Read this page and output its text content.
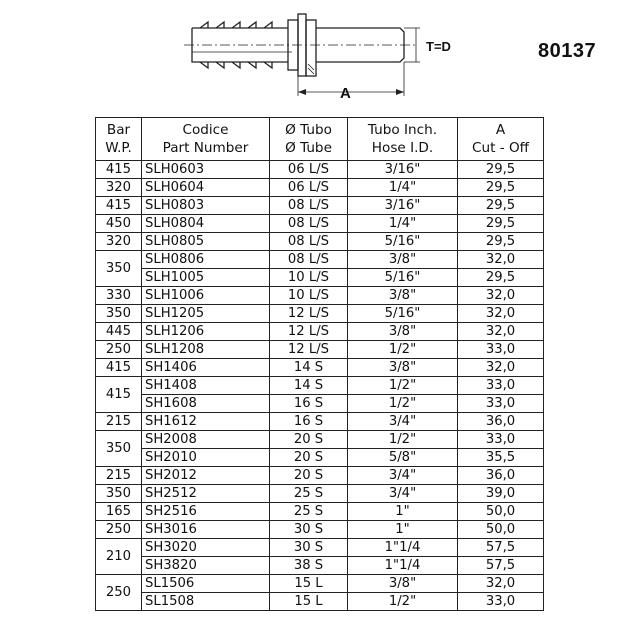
T=D
A
80137
Bar
W.P.	Codice
Part Number	Ø Tubo
Ø Tube	Tubo Inch.
Hose I.D.	A
Cut - Off

415	SLH0603	06 L/S	3/16"	29,5
320	SLH0604	06 L/S	1/4"	29,5
415	SLH0803	08 L/S	3/16"	29,5
450	SLH0804	08 L/S	1/4"	29,5
320	SLH0805	08 L/S	5/16"	29,5
350	SLH0806	08 L/S	3/8"	32,0
	SLH1005	10 L/S	5/16"	29,5
330	SLH1006	10 L/S	3/8"	32,0
350	SLH1205	12 L/S	5/16"	32,0
445	SLH1206	12 L/S	3/8"	32,0
250	SLH1208	12 L/S	1/2"	33,0
415	SH1406	14 S	3/8"	32,0
415	SH1408	14 S	1/2"	33,0
	SH1608	16 S	1/2"	33,0
215	SH1612	16 S	3/4"	36,0
350	SH2008	20 S	1/2"	33,0
	SH2010	20 S	5/8"	35,5
215	SH2012	20 S	3/4"	36,0
350	SH2512	25 S	3/4"	39,0
165	SH2516	25 S	1"	50,0
250	SH3016	30 S	1"	50,0
210	SH3020	30 S	1"1/4	57,5
	SH3820	38 S	1"1/4	57,5
250	SL1506	15 L	3/8"	32,0
	SL1508	15 L	1/2"	33,0
